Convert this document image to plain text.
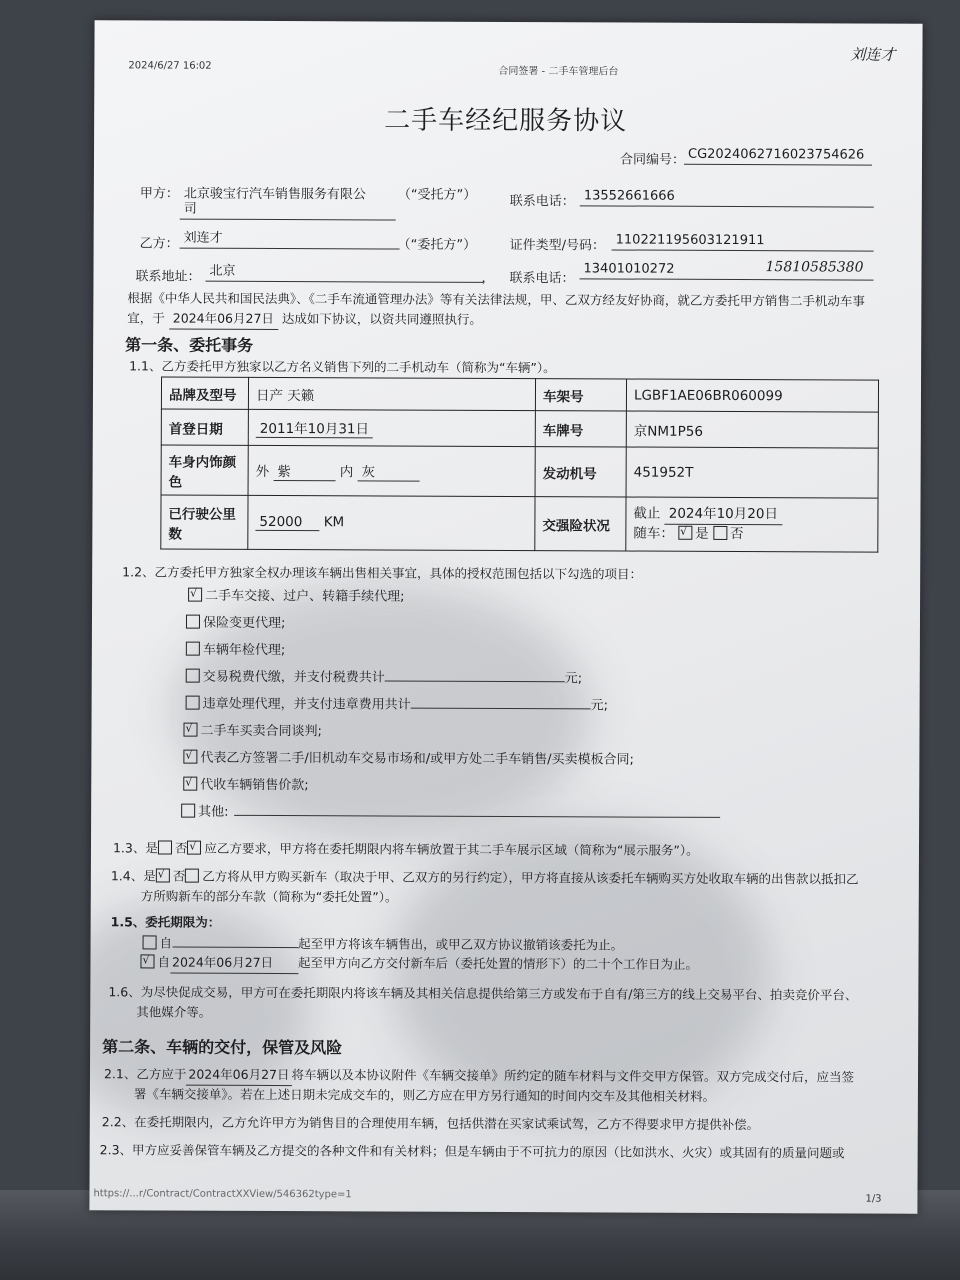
2024/6/27 16:02	合同签署 - 二手车管理后台
刘连才
二手车经纪服务协议
合同编号： CG2024062716023754626
甲方： 北京骏宝行汽车销售服务有限公
司
（“受托方”）	联系电话： 13552661666
乙方： 刘连才	（“委托方”）	证件类型/号码： 110221195603121911
联系地址： 北京	， 联系电话：
13401010272	15810585380
根据《中华人民共和国民法典》、《二手车流通管理办法》等有关法律法规，甲、乙双方经友好协商，就乙方委托甲方销售二手机动车事
宜，于 2024年06月27日 达成如下协议，以资共同遵照执行。
第一条、委托事务
1.1、乙方委托甲方独家以乙方名义销售下列的二手机动车（简称为“车辆”）。
品牌及型号	日产 天籁	车架号	LGBF1AE06BR060099
首登日期	2011年10月31日	车牌号	京NM1P56
车身内饰颜色	外 紫 内 灰	发动机号	451952T
已行驶公里数	52000 KM	交强险状况	截止 2024年10月20日
随车： √ 是 否
1.2、乙方委托甲方独家全权办理该车辆出售相关事宜，具体的授权范围包括以下勾选的项目：
√二手车交接、过户、转籍手续代理;
保险变更代理;
车辆年检代理;
交易税费代缴，并支付税费共计	元;
违章处理代理，并支付违章费用共计	元;
√二手车买卖合同谈判;
√代表乙方签署二手/旧机动车交易市场和/或甲方处二手车销售/买卖模板合同;
√代收车辆销售价款;
其他:
1.3、是 否 √ 应乙方要求，甲方将在委托期限内将车辆放置于其二手车展示区域（简称为“展示服务”）。
1.4、是 √ 否 乙方将从甲方购买新车（取决于甲、乙双方的另行约定），甲方将直接从该委托车辆购买方处收取车辆的出售款以抵扣乙
方所购新车的部分车款（简称为“委托处置”）。
1.5、委托期限为：
自	起至甲方将该车辆售出，或甲乙双方协议撤销该委托为止。
√自 2024年06月27日 起至甲方向乙方交付新车后（委托处置的情形下）的二十个工作日为止。
1.6、为尽快促成交易，甲方可在委托期限内将该车辆及其相关信息提供给第三方或发布于自有/第三方的线上交易平台、拍卖竞价平台、
其他媒介等。
第二条、车辆的交付，保管及风险
2.1、乙方应于 2024年06月27日 将车辆以及本协议附件《车辆交接单》所约定的随车材料与文件交甲方保管。双方完成交付后，应当签
署《车辆交接单》。若在上述日期未完成交车的，则乙方应在甲方另行通知的时间内交车及其他相关材料。
2.2、在委托期限内，乙方允许甲方为销售目的合理使用车辆，包括供潜在买家试乘试驾，乙方不得要求甲方提供补偿。
2.3、甲方应妥善保管车辆及乙方提交的各种文件和有关材料；但是车辆由于不可抗力的原因（比如洪水、火灾）或其固有的质量问题或
https://...r/Contract/ContractXXView/546362type=1	1/3
